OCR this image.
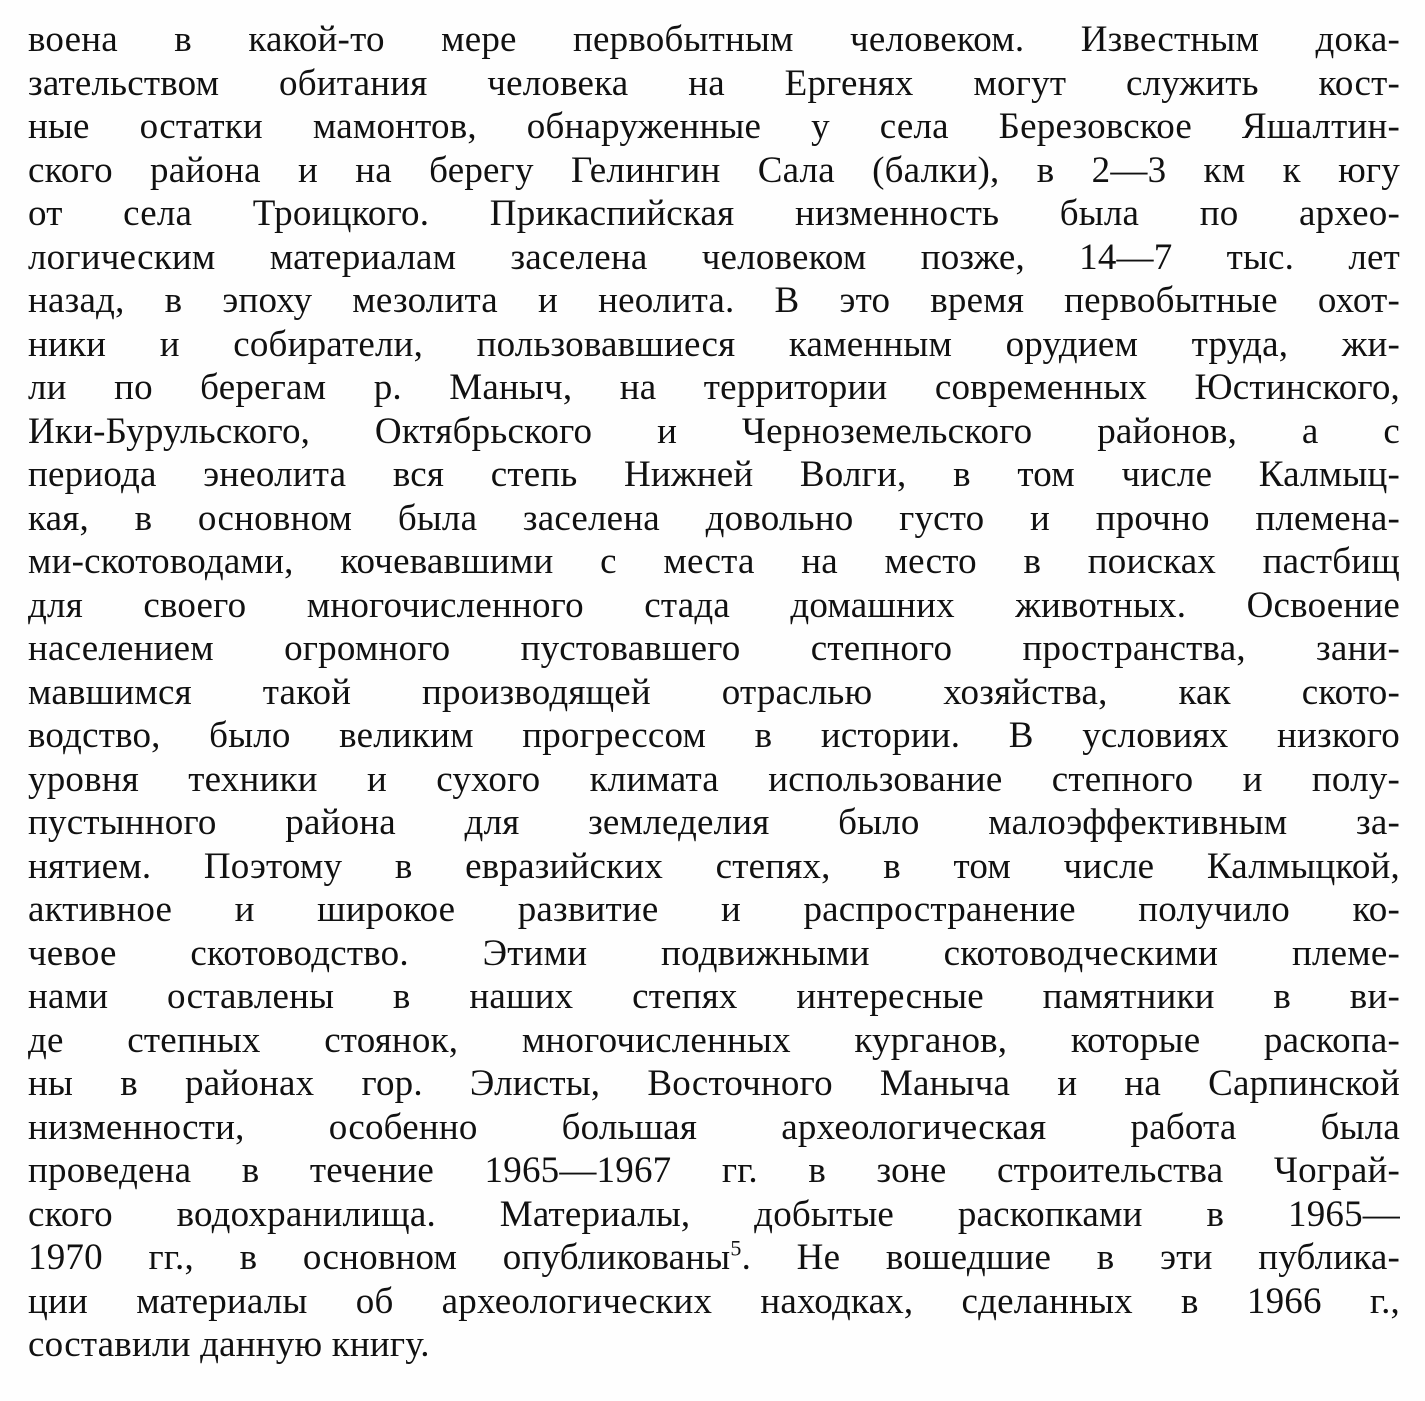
воена в какой-то мере первобытным человеком. Известным дока-
зательством обитания человека на Ергенях могут служить кост-
ные остатки мамонтов, обнаруженные у села Березовское Яшалтин-
ского района и на берегу Гелингин Сала (балки), в 2—3 км к югу
от села Троицкого. Прикаспийская низменность была по архео-
логическим материалам заселена человеком позже, 14—7 тыс. лет
назад, в эпоху мезолита и неолита. В это время первобытные охот-
ники и собиратели, пользовавшиеся каменным орудием труда, жи-
ли по берегам р. Маныч, на территории современных Юстинского,
Ики-Бурульского, Октябрьского и Черноземельского районов, а с
периода энеолита вся степь Нижней Волги, в том числе Калмыц-
кая, в основном была заселена довольно густо и прочно племена-
ми-скотоводами, кочевавшими с места на место в поисках пастбищ
для своего многочисленного стада домашних животных. Освоение
населением огромного пустовавшего степного пространства, зани-
мавшимся такой производящей отраслью хозяйства, как ското-
водство, было великим прогрессом в истории. В условиях низкого
уровня техники и сухого климата использование степного и полу-
пустынного района для земледелия было малоэффективным за-
нятием. Поэтому в евразийских степях, в том числе Калмыцкой,
активное и широкое развитие и распространение получило ко-
чевое скотоводство. Этими подвижными скотоводческими племе-
нами оставлены в наших степях интересные памятники в ви-
де степных стоянок, многочисленных курганов, которые раскопа-
ны в районах гор. Элисты, Восточного Маныча и на Сарпинской
низменности, особенно большая археологическая работа была
проведена в течение 1965—1967 гг. в зоне строительства Чограй-
ского водохранилища. Материалы, добытые раскопками в 1965—
1970 гг., в основном опубликованы$^5$. Не вошедшие в эти публика-
ции материалы об археологических находках, сделанных в 1966 г.,
составили данную книгу.
